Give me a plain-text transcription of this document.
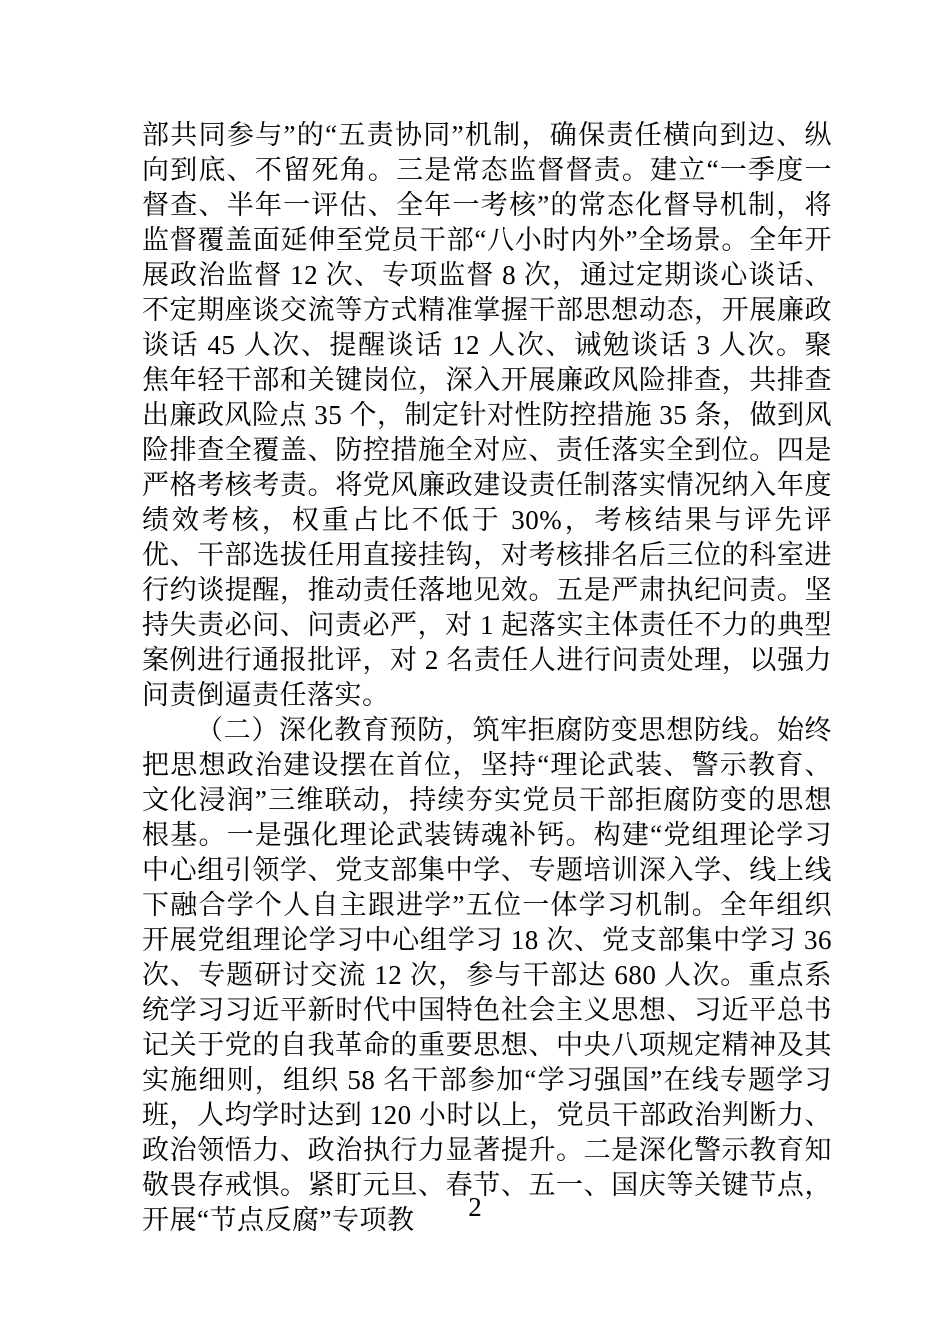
部共同参与”的“五责协同”机制，确保责任横向到边、纵向到底、不留死角。三是常态监督督责。建立“一季度一督查、半年一评估、全年一考核”的常态化督导机制，将监督覆盖面延伸至党员干部“八小时内外”全场景。全年开展政治监督 12 次、专项监督 8 次，通过定期谈心谈话、不定期座谈交流等方式精准掌握干部思想动态，开展廉政谈话 45 人次、提醒谈话 12 人次、诫勉谈话 3 人次。聚焦年轻干部和关键岗位，深入开展廉政风险排查，共排查出廉政风险点 35 个，制定针对性防控措施 35 条，做到风险排查全覆盖、防控措施全对应、责任落实全到位。四是严格考核考责。将党风廉政建设责任制落实情况纳入年度绩效考核，权重占比不低于 30%，考核结果与评先评优、干部选拔任用直接挂钩，对考核排名后三位的科室进行约谈提醒，推动责任落地见效。五是严肃执纪问责。坚持失责必问、问责必严，对 1 起落实主体责任不力的典型案例进行通报批评，对 2 名责任人进行问责处理，以强力问责倒逼责任落实。

（二）深化教育预防，筑牢拒腐防变思想防线。始终把思想政治建设摆在首位，坚持“理论武装、警示教育、文化浸润”三维联动，持续夯实党员干部拒腐防变的思想根基。一是强化理论武装铸魂补钙。构建“党组理论学习中心组引领学、党支部集中学、专题培训深入学、线上线下融合学个人自主跟进学”五位一体学习机制。全年组织开展党组理论学习中心组学习 18 次、党支部集中学习 36 次、专题研讨交流 12 次，参与干部达 680 人次。重点系统学习习近平新时代中国特色社会主义思想、习近平总书记关于党的自我革命的重要思想、中央八项规定精神及其实施细则，组织 58 名干部参加“学习强国”在线专题学习班，人均学时达到 120 小时以上，党员干部政治判断力、政治领悟力、政治执行力显著提升。二是深化警示教育知敬畏存戒惧。紧盯元旦、春节、五一、国庆等关键节点，开展“节点反腐”专项教	2
